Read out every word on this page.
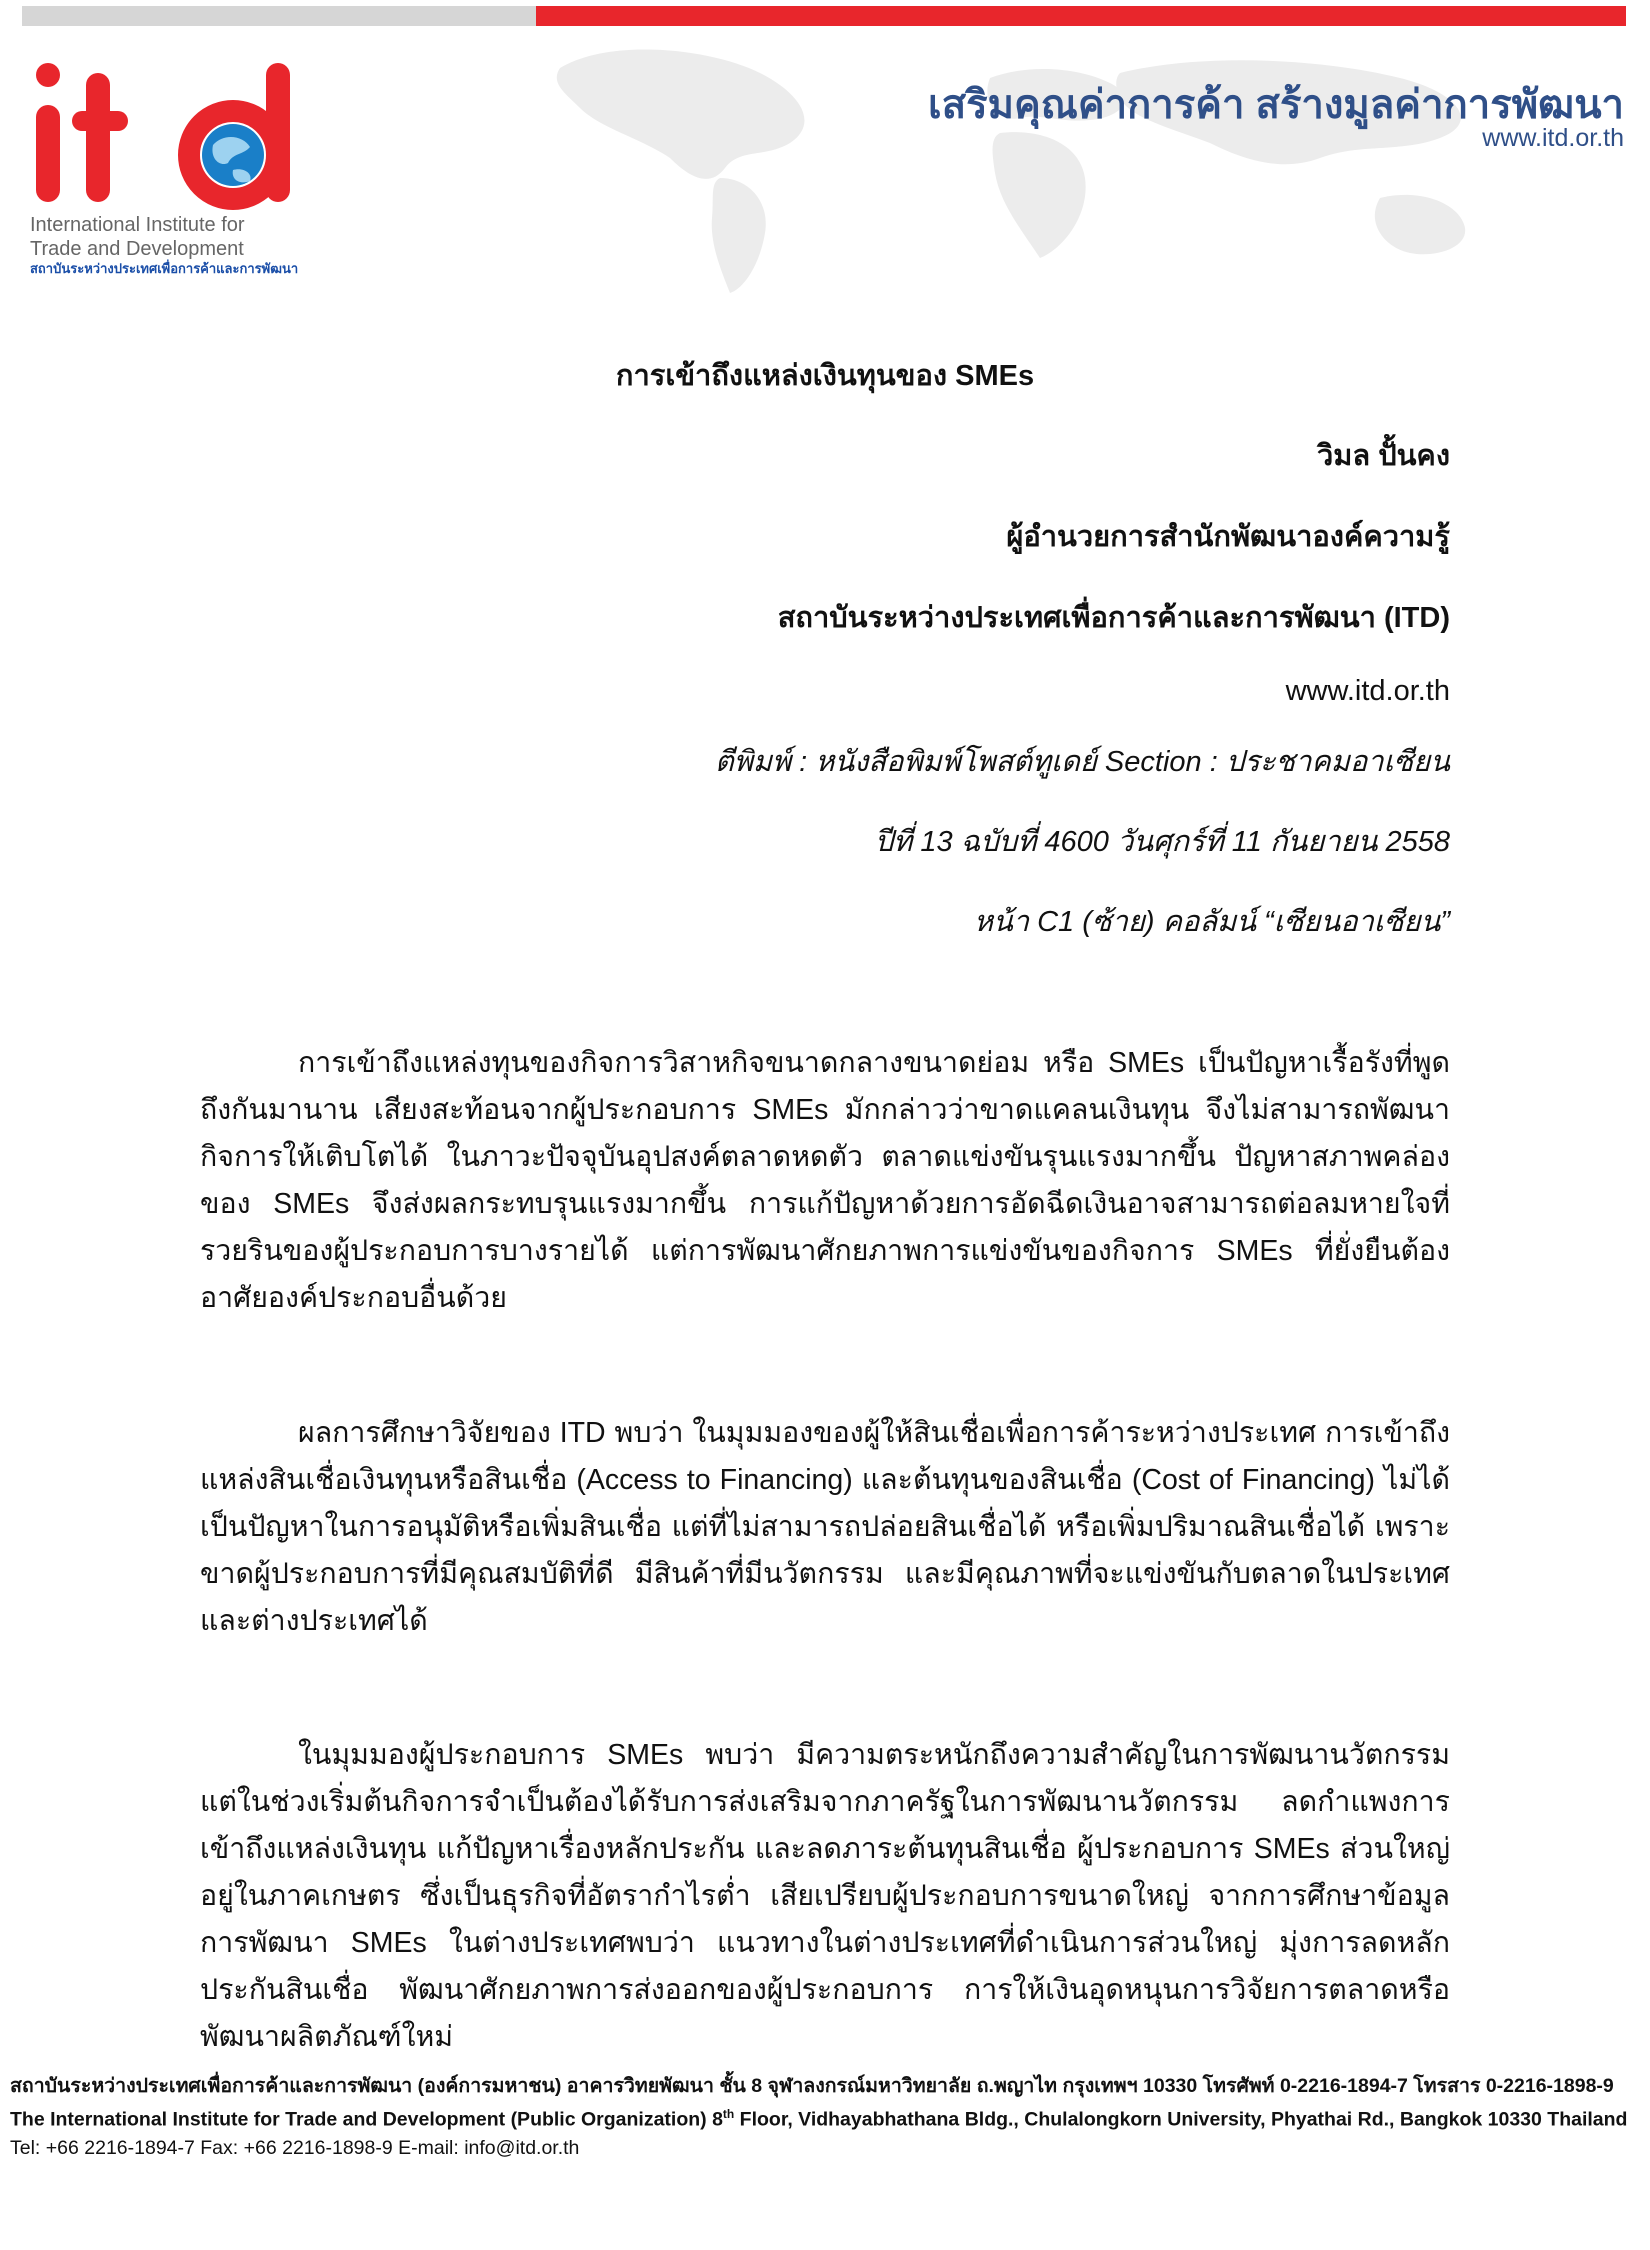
International Institute for
Trade and Development
สถาบันระหว่างประเทศเพื่อการค้าและการพัฒนา
เสริมคุณค่าการค้า สร้างมูลค่าการพัฒนา
www.itd.or.th
การเข้าถึงแหล่งเงินทุนของ SMEs
วิมล ปั้นคง
ผู้อำนวยการสำนักพัฒนาองค์ความรู้
สถาบันระหว่างประเทศเพื่อการค้าและการพัฒนา (ITD)
www.itd.or.th
ตีพิมพ์ : หนังสือพิมพ์โพสต์ทูเดย์ Section : ประชาคมอาเซียน
ปีที่ 13 ฉบับที่ 4600 วันศุกร์ที่ 11 กันยายน 2558
หน้า C1 (ซ้าย) คอลัมน์ “เซียนอาเซียน”

การเข้าถึงแหล่งทุนของกิจการวิสาหกิจขนาดกลางขนาดย่อม หรือ SMEs เป็นปัญหาเรื้อรังที่พูดถึงกันมานาน เสียงสะท้อนจากผู้ประกอบการ SMEs มักกล่าวว่าขาดแคลนเงินทุน จึงไม่สามารถพัฒนากิจการให้เติบโตได้ ในภาวะปัจจุบันอุปสงค์ตลาดหดตัว ตลาดแข่งขันรุนแรงมากขึ้น ปัญหาสภาพคล่องของ SMEs จึงส่งผลกระทบรุนแรงมากขึ้น การแก้ปัญหาด้วยการอัดฉีดเงินอาจสามารถต่อลมหายใจที่รวยรินของผู้ประกอบการบางรายได้ แต่การพัฒนาศักยภาพการแข่งขันของกิจการ SMEs ที่ยั่งยืนต้องอาศัยองค์ประกอบอื่นด้วย

ผลการศึกษาวิจัยของ ITD พบว่า ในมุมมองของผู้ให้สินเชื่อเพื่อการค้าระหว่างประเทศ การเข้าถึงแหล่งสินเชื่อเงินทุนหรือสินเชื่อ (Access to Financing) และต้นทุนของสินเชื่อ (Cost of Financing) ไม่ได้เป็นปัญหาในการอนุมัติหรือเพิ่มสินเชื่อ แต่ที่ไม่สามารถปล่อยสินเชื่อได้ หรือเพิ่มปริมาณสินเชื่อได้ เพราะขาดผู้ประกอบการที่มีคุณสมบัติที่ดี มีสินค้าที่มีนวัตกรรม และมีคุณภาพที่จะแข่งขันกับตลาดในประเทศและต่างประเทศได้

ในมุมมองผู้ประกอบการ SMEs พบว่า มีความตระหนักถึงความสำคัญในการพัฒนานวัตกรรม แต่ในช่วงเริ่มต้นกิจการจำเป็นต้องได้รับการส่งเสริมจากภาครัฐในการพัฒนานวัตกรรม ลดกำแพงการเข้าถึงแหล่งเงินทุน แก้ปัญหาเรื่องหลักประกัน และลดภาระต้นทุนสินเชื่อ ผู้ประกอบการ SMEs ส่วนใหญ่อยู่ในภาคเกษตร ซึ่งเป็นธุรกิจที่อัตรากำไรต่ำ เสียเปรียบผู้ประกอบการขนาดใหญ่ จากการศึกษาข้อมูลการพัฒนา SMEs ในต่างประเทศพบว่า แนวทางในต่างประเทศที่ดำเนินการส่วนใหญ่ มุ่งการลดหลักประกันสินเชื่อ พัฒนาศักยภาพการส่งออกของผู้ประกอบการ การให้เงินอุดหนุนการวิจัยการตลาดหรือพัฒนาผลิตภัณฑ์ใหม่

สถาบันระหว่างประเทศเพื่อการค้าและการพัฒนา (องค์การมหาชน) อาคารวิทยพัฒนา ชั้น 8 จุฬาลงกรณ์มหาวิทยาลัย ถ.พญาไท กรุงเทพฯ 10330 โทรศัพท์ 0-2216-1894-7 โทรสาร 0-2216-1898-9
The International Institute for Trade and Development (Public Organization) 8th Floor, Vidhayabhathana Bldg., Chulalongkorn University, Phyathai Rd., Bangkok 10330 Thailand
Tel: +66 2216-1894-7 Fax: +66 2216-1898-9 E-mail: info@itd.or.th
